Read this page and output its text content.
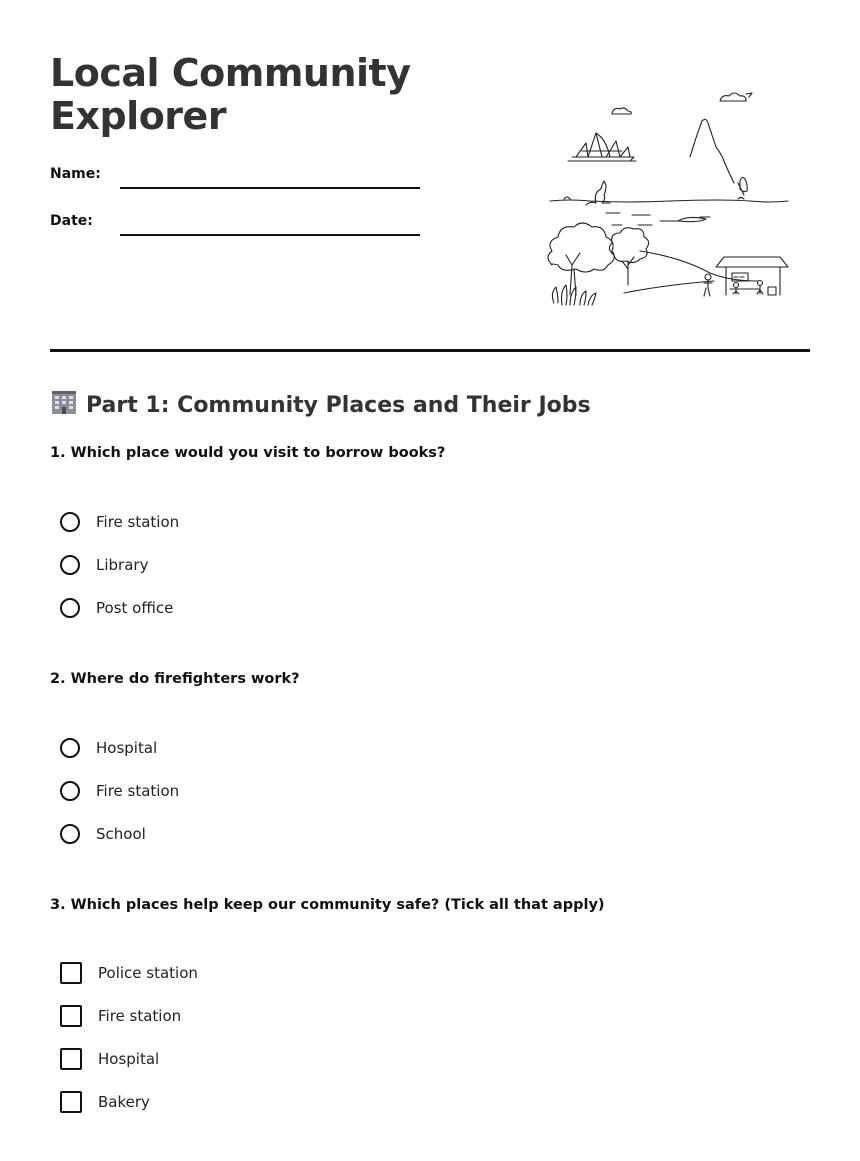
Local Community
Explorer
Name:
Date:
Part 1: Community Places and Their Jobs
1. Which place would you visit to borrow books?
Fire station
Library
Post office
2. Where do firefighters work?
Hospital
Fire station
School
3. Which places help keep our community safe? (Tick all that apply)
Police station
Fire station
Hospital
Bakery
